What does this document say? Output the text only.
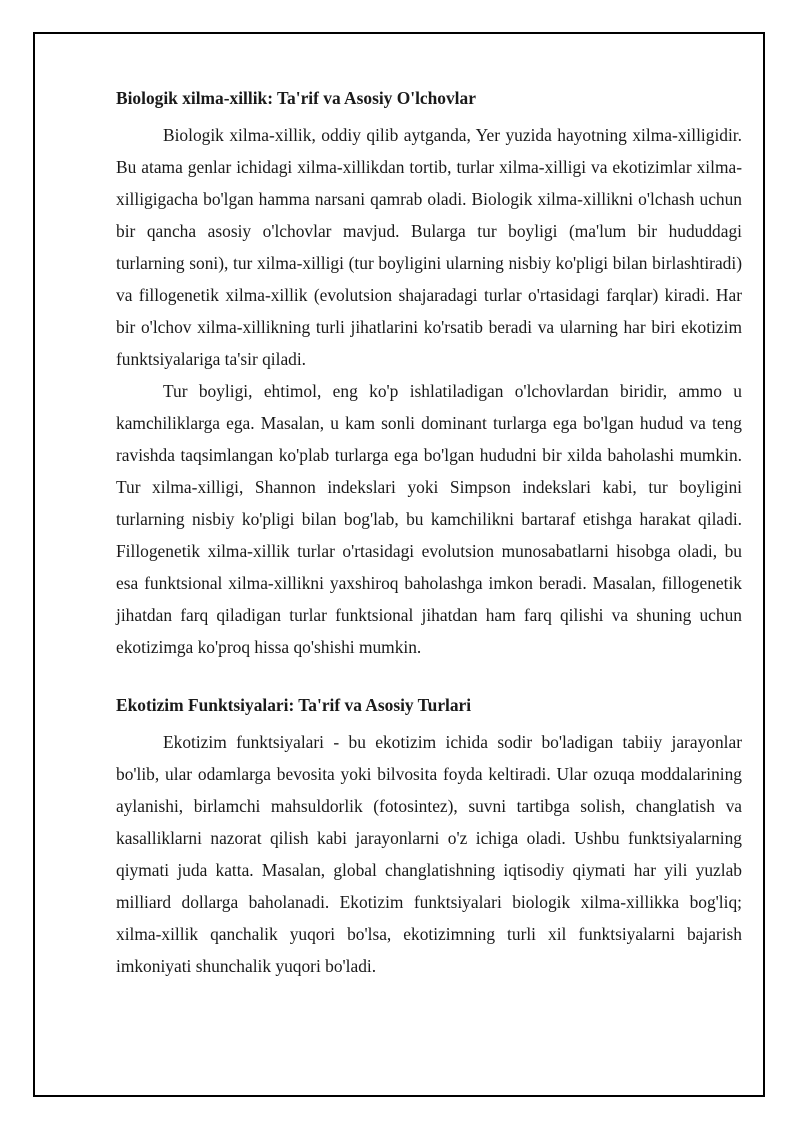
Biologik xilma-xillik: Ta'rif va Asosiy O'lchovlar

Biologik xilma-xillik, oddiy qilib aytganda, Yer yuzida hayotning xilma-xilligidir. Bu atama genlar ichidagi xilma-xillikdan tortib, turlar xilma-xilligi va ekotizimlar xilma-xilligigacha bo'lgan hamma narsani qamrab oladi. Biologik xilma-xillikni o'lchash uchun bir qancha asosiy o'lchovlar mavjud. Bularga tur boyligi (ma'lum bir hududdagi turlarning soni), tur xilma-xilligi (tur boyligini ularning nisbiy ko'pligi bilan birlashtiradi) va fillogenetik xilma-xillik (evolutsion shajaradagi turlar o'rtasidagi farqlar) kiradi. Har bir o'lchov xilma-xillikning turli jihatlarini ko'rsatib beradi va ularning har biri ekotizim funktsiyalariga ta'sir qiladi.

Tur boyligi, ehtimol, eng ko'p ishlatiladigan o'lchovlardan biridir, ammo u kamchiliklarga ega. Masalan, u kam sonli dominant turlarga ega bo'lgan hudud va teng ravishda taqsimlangan ko'plab turlarga ega bo'lgan hududni bir xilda baholashi mumkin. Tur xilma-xilligi, Shannon indekslari yoki Simpson indekslari kabi, tur boyligini turlarning nisbiy ko'pligi bilan bog'lab, bu kamchilikni bartaraf etishga harakat qiladi. Fillogenetik xilma-xillik turlar o'rtasidagi evolutsion munosabatlarni hisobga oladi, bu esa funktsional xilma-xillikni yaxshiroq baholashga imkon beradi. Masalan, fillogenetik jihatdan farq qiladigan turlar funktsional jihatdan ham farq qilishi va shuning uchun ekotizimga ko'proq hissa qo'shishi mumkin.

Ekotizim Funktsiyalari: Ta'rif va Asosiy Turlari

Ekotizim funktsiyalari - bu ekotizim ichida sodir bo'ladigan tabiiy jarayonlar bo'lib, ular odamlarga bevosita yoki bilvosita foyda keltiradi. Ular ozuqa moddalarining aylanishi, birlamchi mahsuldorlik (fotosintez), suvni tartibga solish, changlatish va kasalliklarni nazorat qilish kabi jarayonlarni o'z ichiga oladi. Ushbu funktsiyalarning qiymati juda katta. Masalan, global changlatishning iqtisodiy qiymati har yili yuzlab milliard dollarga baholanadi. Ekotizim funktsiyalari biologik xilma-xillikka bog'liq; xilma-xillik qanchalik yuqori bo'lsa, ekotizimning turli xil funktsiyalarni bajarish imkoniyati shunchalik yuqori bo'ladi.
